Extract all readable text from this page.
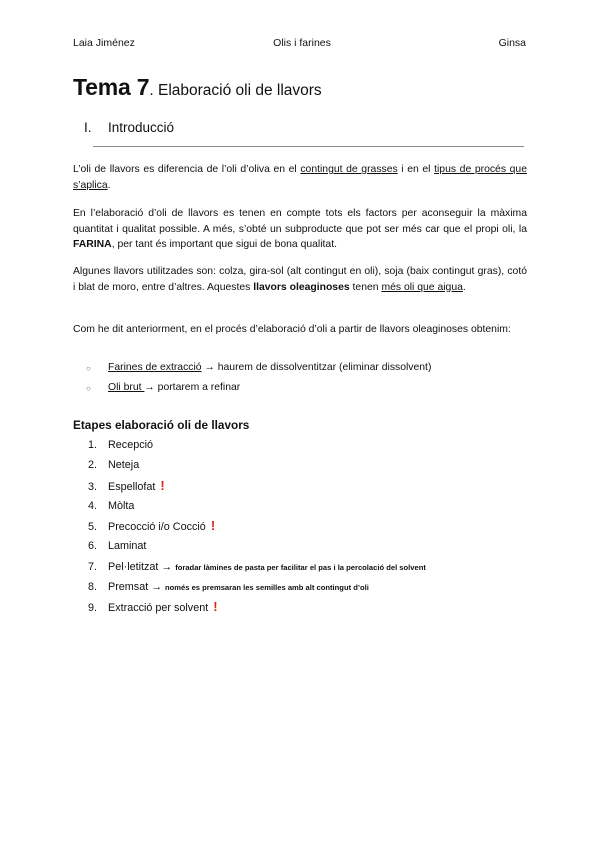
Laia Jiménez	Olis i farines	Ginsa
Tema 7. Elaboració oli de llavors
I. Introducció

L’oli de llavors es diferencia de l’oli d’oliva en el contingut de grasses i en el tipus de procés que s’aplica.

En l’elaboració d’oli de llavors es tenen en compte tots els factors per aconseguir la màxima quantitat i qualitat possible. A més, s’obté un subproducte que pot ser més car que el propi oli, la FARINA, per tant és important que sigui de bona qualitat.

Algunes llavors utilitzades son: colza, gira-sol (alt contingut en oli), soja (baix contingut gras), cotó i blat de moro, entre d’altres. Aquestes llavors oleaginoses tenen més oli que aigua.

Com he dit anteriorment, en el procés d’elaboració d’oli a partir de llavors oleaginoses obtenim:

○ Farines de extracció → haurem de dissolventitzar (eliminar dissolvent)
○ Oli brut → portarem a refinar
Etapes elaboració oli de llavors
1. Recepció
2. Neteja
3. Espellofat !
4. Mòlta
5. Precocció i/o Cocció !
6. Laminat
7. Pel·letitzat → foradar làmines de pasta per facilitar el pas i la percolació del solvent
8. Premsat → només es premsaran les semilles amb alt contingut d’oli
9. Extracció per solvent !
